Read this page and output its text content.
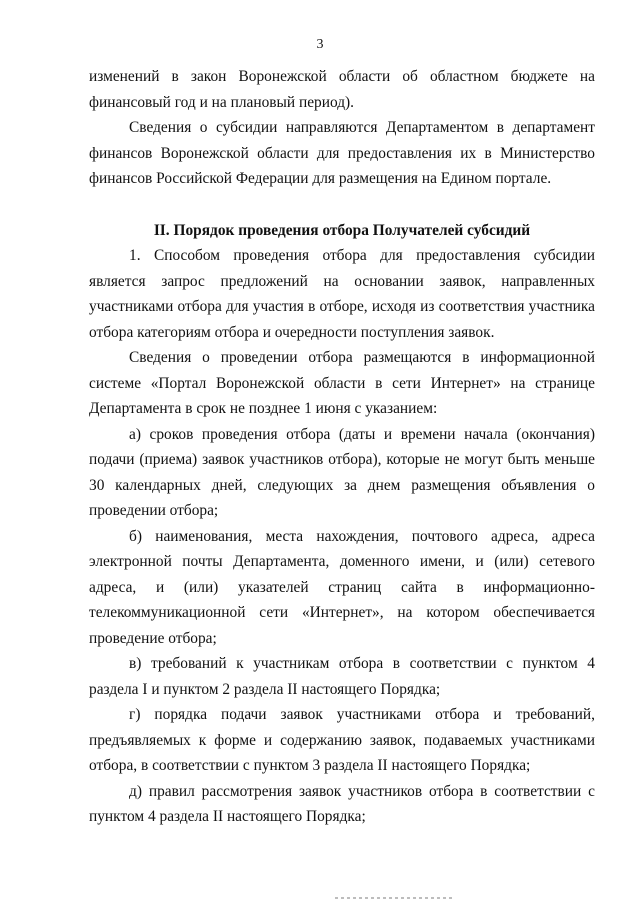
3

изменений в закон Воронежской области об областном бюджете на финансовый год и на плановый период).

Сведения о субсидии направляются Департаментом в департамент финансов Воронежской области для предоставления их в Министерство финансов Российской Федерации для размещения на Едином портале.

II. Порядок проведения отбора Получателей субсидий

1. Способом проведения отбора для предоставления субсидии является запрос предложений на основании заявок, направленных участниками отбора для участия в отборе, исходя из соответствия участника отбора категориям отбора и очередности поступления заявок.

Сведения о проведении отбора размещаются в информационной системе «Портал Воронежской области в сети Интернет» на странице Департамента в срок не позднее 1 июня с указанием:

а) сроков проведения отбора (даты и времени начала (окончания) подачи (приема) заявок участников отбора), которые не могут быть меньше 30 календарных дней, следующих за днем размещения объявления о проведении отбора;

б) наименования, места нахождения, почтового адреса, адреса электронной почты Департамента, доменного имени, и (или) сетевого адреса, и (или) указателей страниц сайта в информационно-телекоммуникационной сети «Интернет», на котором обеспечивается проведение отбора;

в) требований к участникам отбора в соответствии с пунктом 4 раздела I и пунктом 2 раздела II настоящего Порядка;

г) порядка подачи заявок участниками отбора и требований, предъявляемых к форме и содержанию заявок, подаваемых участниками отбора, в соответствии с пунктом 3 раздела II настоящего Порядка;

д) правил рассмотрения заявок участников отбора в соответствии с пунктом 4 раздела II настоящего Порядка;
